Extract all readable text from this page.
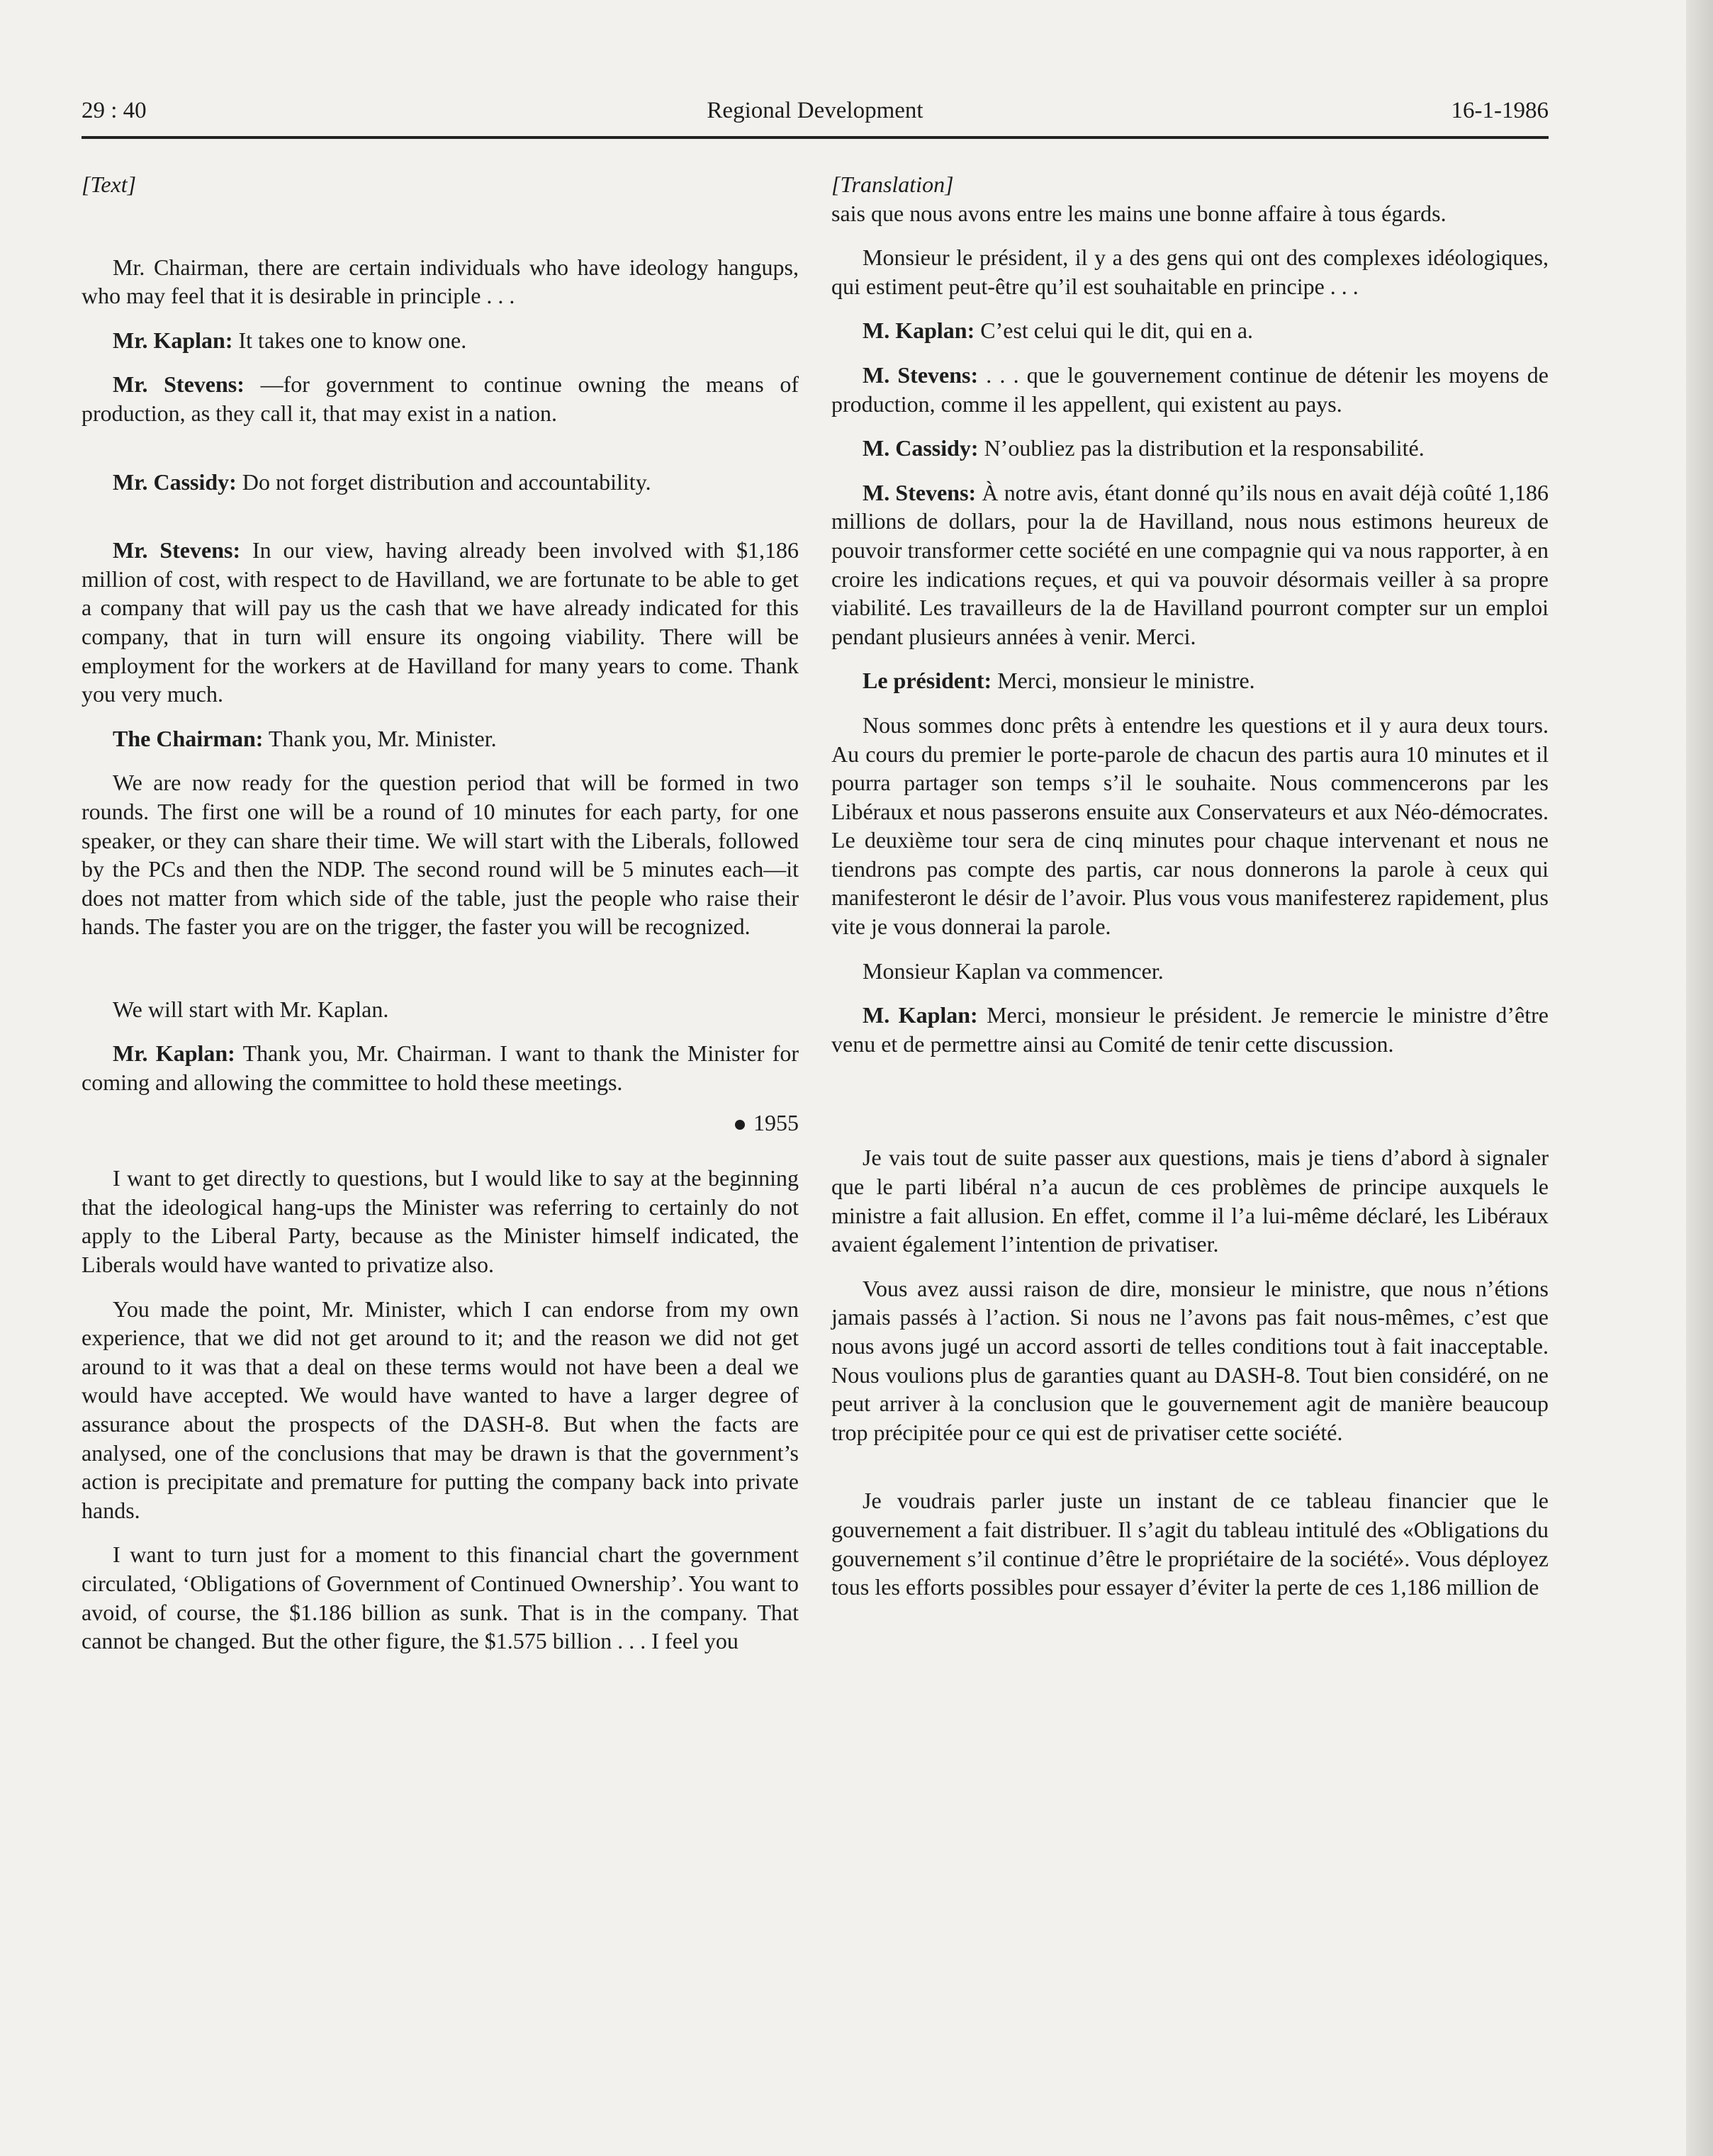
29 : 40	Regional Development	16-1-1986

[Text]

Mr. Chairman, there are certain individuals who have ideology hangups, who may feel that it is desirable in principle . . .

Mr. Kaplan: It takes one to know one.

Mr. Stevens: —for government to continue owning the means of production, as they call it, that may exist in a nation.

Mr. Cassidy: Do not forget distribution and accountability.

Mr. Stevens: In our view, having already been involved with $1,186 million of cost, with respect to de Havilland, we are fortunate to be able to get a company that will pay us the cash that we have already indicated for this company, that in turn will ensure its ongoing viability. There will be employment for the workers at de Havilland for many years to come. Thank you very much.

The Chairman: Thank you, Mr. Minister.

We are now ready for the question period that will be formed in two rounds. The first one will be a round of 10 minutes for each party, for one speaker, or they can share their time. We will start with the Liberals, followed by the PCs and then the NDP. The second round will be 5 minutes each—it does not matter from which side of the table, just the people who raise their hands. The faster you are on the trigger, the faster you will be recognized.

We will start with Mr. Kaplan.

Mr. Kaplan: Thank you, Mr. Chairman. I want to thank the Minister for coming and allowing the committee to hold these meetings.

1955

I want to get directly to questions, but I would like to say at the beginning that the ideological hang-ups the Minister was referring to certainly do not apply to the Liberal Party, because as the Minister himself indicated, the Liberals would have wanted to privatize also.

You made the point, Mr. Minister, which I can endorse from my own experience, that we did not get around to it; and the reason we did not get around to it was that a deal on these terms would not have been a deal we would have accepted. We would have wanted to have a larger degree of assurance about the prospects of the DASH-8. But when the facts are analysed, one of the conclusions that may be drawn is that the government’s action is precipitate and premature for putting the company back into private hands.

I want to turn just for a moment to this financial chart the government circulated, ‘Obligations of Government of Continued Ownership’. You want to avoid, of course, the $1.186 billion as sunk. That is in the company. That cannot be changed. But the other figure, the $1.575 billion . . . I feel you

[Translation]

sais que nous avons entre les mains une bonne affaire à tous égards.

Monsieur le président, il y a des gens qui ont des complexes idéologiques, qui estiment peut-être qu’il est souhaitable en principe . . .

M. Kaplan: C’est celui qui le dit, qui en a.

M. Stevens: . . . que le gouvernement continue de détenir les moyens de production, comme il les appellent, qui existent au pays.

M. Cassidy: N’oubliez pas la distribution et la responsabilité.

M. Stevens: À notre avis, étant donné qu’ils nous en avait déjà coûté 1,186 millions de dollars, pour la de Havilland, nous nous estimons heureux de pouvoir transformer cette société en une compagnie qui va nous rapporter, à en croire les indications reçues, et qui va pouvoir désormais veiller à sa propre viabilité. Les travailleurs de la de Havilland pourront compter sur un emploi pendant plusieurs années à venir. Merci.

Le président: Merci, monsieur le ministre.

Nous sommes donc prêts à entendre les questions et il y aura deux tours. Au cours du premier le porte-parole de chacun des partis aura 10 minutes et il pourra partager son temps s’il le souhaite. Nous commencerons par les Libéraux et nous passerons ensuite aux Conservateurs et aux Néo-démocrates. Le deuxième tour sera de cinq minutes pour chaque intervenant et nous ne tiendrons pas compte des partis, car nous donnerons la parole à ceux qui manifesteront le désir de l’avoir. Plus vous vous manifesterez rapidement, plus vite je vous donnerai la parole.

Monsieur Kaplan va commencer.

M. Kaplan: Merci, monsieur le président. Je remercie le ministre d’être venu et de permettre ainsi au Comité de tenir cette discussion.

Je vais tout de suite passer aux questions, mais je tiens d’abord à signaler que le parti libéral n’a aucun de ces problèmes de principe auxquels le ministre a fait allusion. En effet, comme il l’a lui-même déclaré, les Libéraux avaient également l’intention de privatiser.

Vous avez aussi raison de dire, monsieur le ministre, que nous n’étions jamais passés à l’action. Si nous ne l’avons pas fait nous-mêmes, c’est que nous avons jugé un accord assorti de telles conditions tout à fait inacceptable. Nous voulions plus de garanties quant au DASH-8. Tout bien considéré, on ne peut arriver à la conclusion que le gouvernement agit de manière beaucoup trop précipitée pour ce qui est de privatiser cette société.

Je voudrais parler juste un instant de ce tableau financier que le gouvernement a fait distribuer. Il s’agit du tableau intitulé des «Obligations du gouvernement s’il continue d’être le propriétaire de la société». Vous déployez tous les efforts possibles pour essayer d’éviter la perte de ces 1,186 million de
